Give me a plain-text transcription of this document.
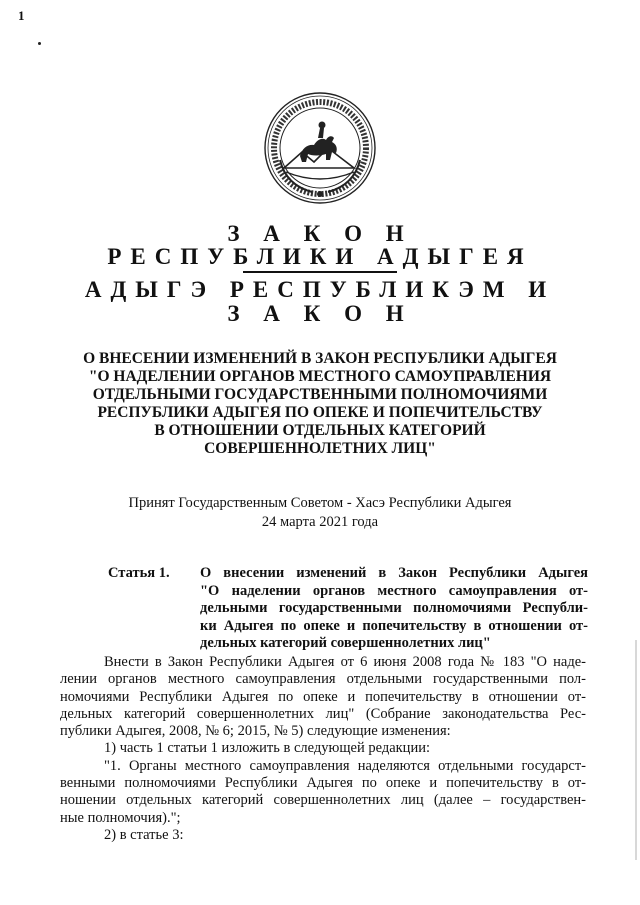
1
З А К О Н
РЕСПУБЛИКИ АДЫГЕЯ
АДЫГЭ РЕСПУБЛИКЭМ И
З А К О Н
О ВНЕСЕНИИ ИЗМЕНЕНИЙ В ЗАКОН РЕСПУБЛИКИ АДЫГЕЯ
"О НАДЕЛЕНИИ ОРГАНОВ МЕСТНОГО САМОУПРАВЛЕНИЯ
ОТДЕЛЬНЫМИ ГОСУДАРСТВЕННЫМИ ПОЛНОМОЧИЯМИ
РЕСПУБЛИКИ АДЫГЕЯ ПО ОПЕКЕ И ПОПЕЧИТЕЛЬСТВУ
В ОТНОШЕНИИ ОТДЕЛЬНЫХ КАТЕГОРИЙ
СОВЕРШЕННОЛЕТНИХ ЛИЦ"
Принят Государственным Советом - Хасэ Республики Адыгея
24 марта 2021 года
Статья 1. О внесении изменений в Закон Республики Адыгея
"О наделении органов местного самоуправления от-
дельными государственными полномочиями Республи-
ки Адыгея по опеке и попечительству в отношении от-
дельных категорий совершеннолетних лиц"
Внести в Закон Республики Адыгея от 6 июня 2008 года № 183 "О наде-
лении органов местного самоуправления отдельными государственными пол-
номочиями Республики Адыгея по опеке и попечительству в отношении от-
дельных категорий совершеннолетних лиц" (Собрание законодательства Рес-
публики Адыгея, 2008, № 6; 2015, № 5) следующие изменения:
1) часть 1 статьи 1 изложить в следующей редакции:
"1. Органы местного самоуправления наделяются отдельными государст-
венными полномочиями Республики Адыгея по опеке и попечительству в от-
ношении отдельных категорий совершеннолетних лиц (далее – государствен-
ные полномочия).";
2) в статье 3:
